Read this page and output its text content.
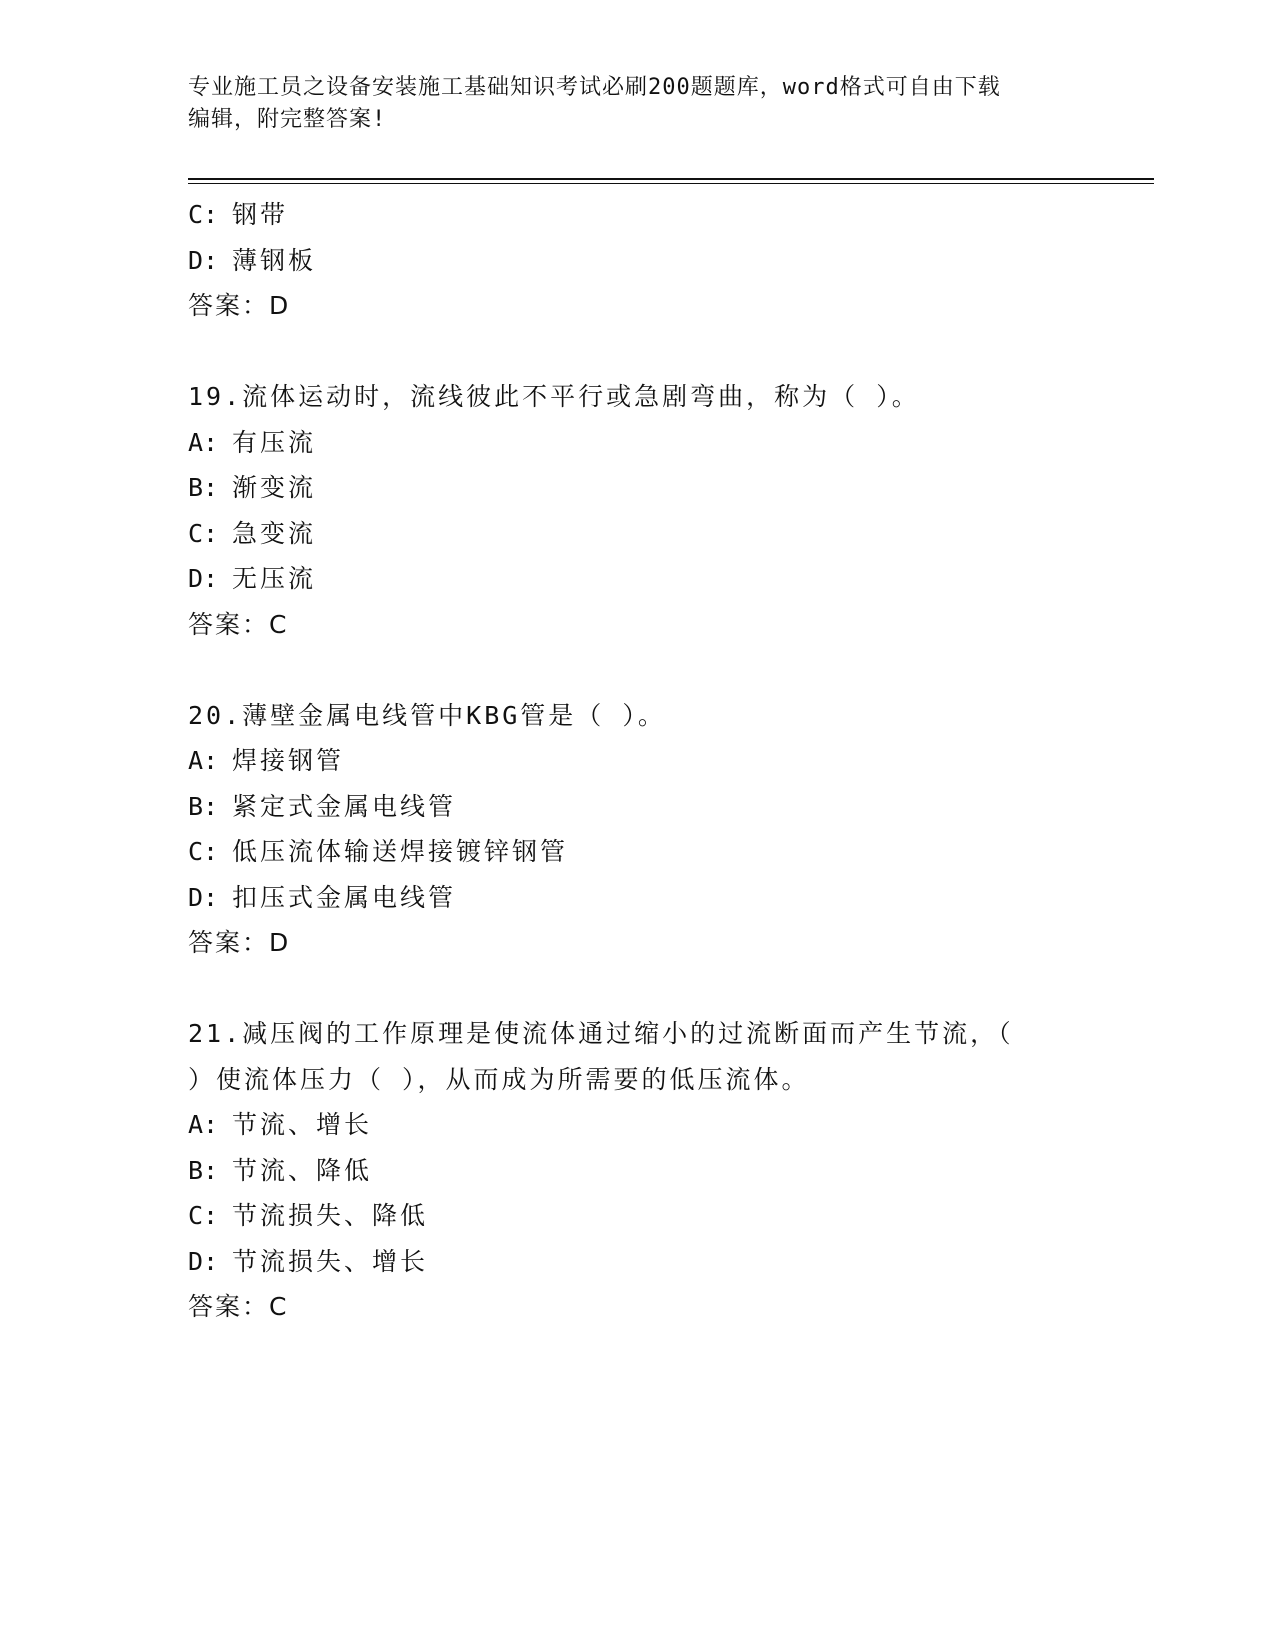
专业施工员之设备安装施工基础知识考试必刷200题题库，word格式可自由下载
编辑，附完整答案!
C: 钢带
D: 薄钢板
答案：D
19.流体运动时，流线彼此不平行或急剧弯曲，称为（ ）。
A: 有压流
B: 渐变流
C: 急变流
D: 无压流
答案：C
20.薄壁金属电线管中KBG管是（ ）。
A: 焊接钢管
B: 紧定式金属电线管
C: 低压流体输送焊接镀锌钢管
D: 扣压式金属电线管
答案：D
21.减压阀的工作原理是使流体通过缩小的过流断面而产生节流，（
）使流体压力（ ），从而成为所需要的低压流体。
A: 节流、增长
B: 节流、降低
C: 节流损失、降低
D: 节流损失、增长
答案：C
